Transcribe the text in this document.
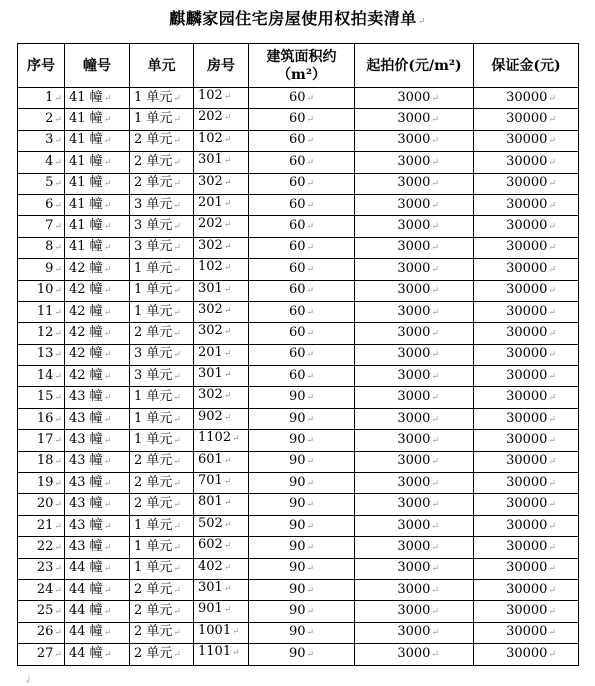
麒麟家园住宅房屋使用权拍卖清单↵
序号	幢号	单元	房号	建筑面积约（m²）	起拍价(元/m²)	保证金(元)
1↵	41 幢↵	1 单元↵	102↵	60↵	3000↵	30000↵
2↵	41 幢↵	1 单元↵	202↵	60↵	3000↵	30000↵
3↵	41 幢↵	2 单元↵	102↵	60↵	3000↵	30000↵
4↵	41 幢↵	2 单元↵	301↵	60↵	3000↵	30000↵
5↵	41 幢↵	2 单元↵	302↵	60↵	3000↵	30000↵
6↵	41 幢↵	3 单元↵	201↵	60↵	3000↵	30000↵
7↵	41 幢↵	3 单元↵	202↵	60↵	3000↵	30000↵
8↵	41 幢↵	3 单元↵	302↵	60↵	3000↵	30000↵
9↵	42 幢↵	1 单元↵	102↵	60↵	3000↵	30000↵
10↵	42 幢↵	1 单元↵	301↵	60↵	3000↵	30000↵
11↵	42 幢↵	1 单元↵	302↵	60↵	3000↵	30000↵
12↵	42 幢↵	2 单元↵	302↵	60↵	3000↵	30000↵
13↵	42 幢↵	3 单元↵	201↵	60↵	3000↵	30000↵
14↵	42 幢↵	3 单元↵	301↵	60↵	3000↵	30000↵
15↵	43 幢↵	1 单元↵	302↵	90↵	3000↵	30000↵
16↵	43 幢↵	1 单元↵	902↵	90↵	3000↵	30000↵
17↵	43 幢↵	1 单元↵	1102↵	90↵	3000↵	30000↵
18↵	43 幢↵	2 单元↵	601↵	90↵	3000↵	30000↵
19↵	43 幢↵	2 单元↵	701↵	90↵	3000↵	30000↵
20↵	43 幢↵	2 单元↵	801↵	90↵	3000↵	30000↵
21↵	43 幢↵	1 单元↵	502↵	90↵	3000↵	30000↵
22↵	43 幢↵	1 单元↵	602↵	90↵	3000↵	30000↵
23↵	44 幢↵	1 单元↵	402↵	90↵	3000↵	30000↵
24↵	44 幢↵	2 单元↵	301↵	90↵	3000↵	30000↵
25↵	44 幢↵	2 单元↵	901↵	90↵	3000↵	30000↵
26↵	44 幢↵	2 单元↵	1001↵	90↵	3000↵	30000↵
27↵	44 幢↵	2 单元↵	1101↵	90↵	3000↵	30000↵
↲
